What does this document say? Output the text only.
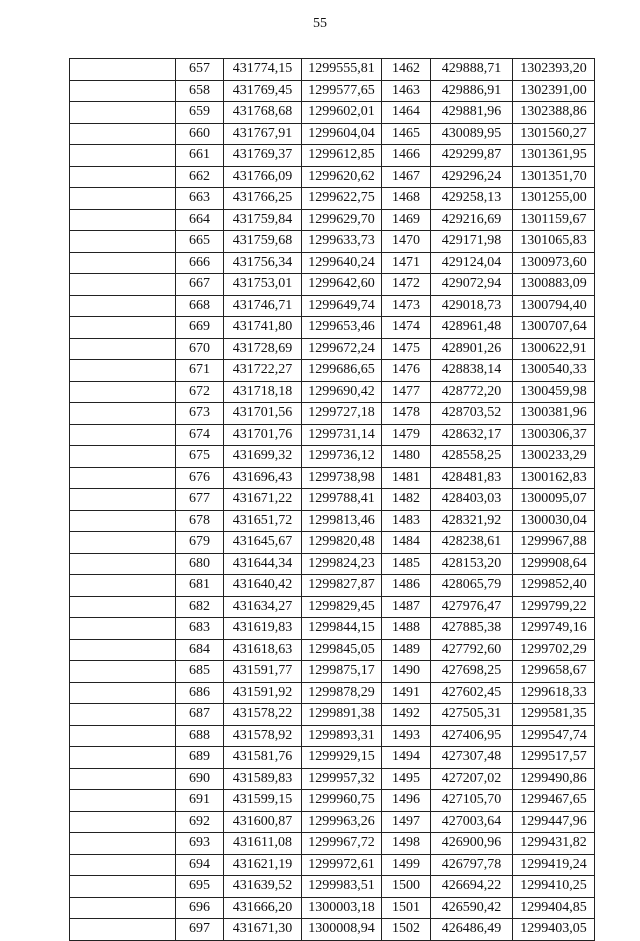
55
	657	431774,15	1299555,81	1462	429888,71	1302393,20
	658	431769,45	1299577,65	1463	429886,91	1302391,00
	659	431768,68	1299602,01	1464	429881,96	1302388,86
	660	431767,91	1299604,04	1465	430089,95	1301560,27
	661	431769,37	1299612,85	1466	429299,87	1301361,95
	662	431766,09	1299620,62	1467	429296,24	1301351,70
	663	431766,25	1299622,75	1468	429258,13	1301255,00
	664	431759,84	1299629,70	1469	429216,69	1301159,67
	665	431759,68	1299633,73	1470	429171,98	1301065,83
	666	431756,34	1299640,24	1471	429124,04	1300973,60
	667	431753,01	1299642,60	1472	429072,94	1300883,09
	668	431746,71	1299649,74	1473	429018,73	1300794,40
	669	431741,80	1299653,46	1474	428961,48	1300707,64
	670	431728,69	1299672,24	1475	428901,26	1300622,91
	671	431722,27	1299686,65	1476	428838,14	1300540,33
	672	431718,18	1299690,42	1477	428772,20	1300459,98
	673	431701,56	1299727,18	1478	428703,52	1300381,96
	674	431701,76	1299731,14	1479	428632,17	1300306,37
	675	431699,32	1299736,12	1480	428558,25	1300233,29
	676	431696,43	1299738,98	1481	428481,83	1300162,83
	677	431671,22	1299788,41	1482	428403,03	1300095,07
	678	431651,72	1299813,46	1483	428321,92	1300030,04
	679	431645,67	1299820,48	1484	428238,61	1299967,88
	680	431644,34	1299824,23	1485	428153,20	1299908,64
	681	431640,42	1299827,87	1486	428065,79	1299852,40
	682	431634,27	1299829,45	1487	427976,47	1299799,22
	683	431619,83	1299844,15	1488	427885,38	1299749,16
	684	431618,63	1299845,05	1489	427792,60	1299702,29
	685	431591,77	1299875,17	1490	427698,25	1299658,67
	686	431591,92	1299878,29	1491	427602,45	1299618,33
	687	431578,22	1299891,38	1492	427505,31	1299581,35
	688	431578,92	1299893,31	1493	427406,95	1299547,74
	689	431581,76	1299929,15	1494	427307,48	1299517,57
	690	431589,83	1299957,32	1495	427207,02	1299490,86
	691	431599,15	1299960,75	1496	427105,70	1299467,65
	692	431600,87	1299963,26	1497	427003,64	1299447,96
	693	431611,08	1299967,72	1498	426900,96	1299431,82
	694	431621,19	1299972,61	1499	426797,78	1299419,24
	695	431639,52	1299983,51	1500	426694,22	1299410,25
	696	431666,20	1300003,18	1501	426590,42	1299404,85
	697	431671,30	1300008,94	1502	426486,49	1299403,05
